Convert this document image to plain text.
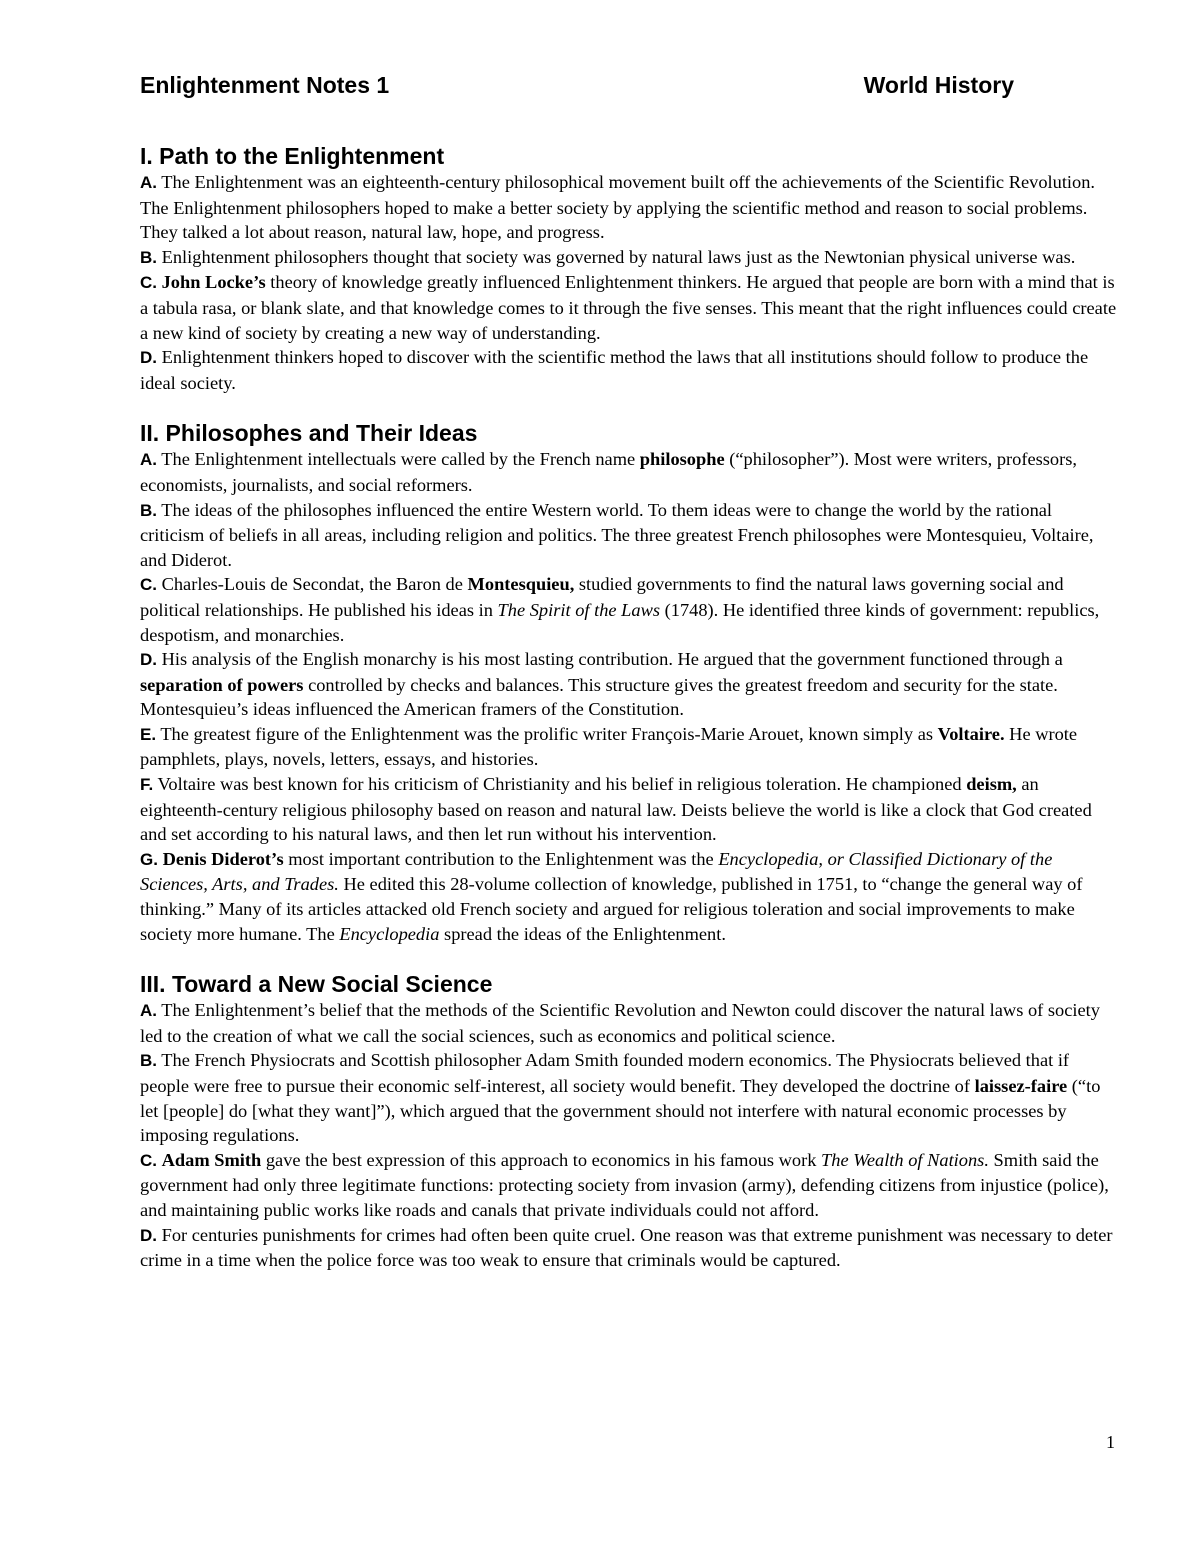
Enlightenment Notes 1	World History
I. Path to the Enlightenment

A. The Enlightenment was an eighteenth-century philosophical movement built off the achievements of the Scientific Revolution. The Enlightenment philosophers hoped to make a better society by applying the scientific method and reason to social problems. They talked a lot about reason, natural law, hope, and progress.

B. Enlightenment philosophers thought that society was governed by natural laws just as the Newtonian physical universe was.

C. John Locke’s theory of knowledge greatly influenced Enlightenment thinkers. He argued that people are born with a mind that is a tabula rasa, or blank slate, and that knowledge comes to it through the five senses. This meant that the right influences could create a new kind of society by creating a new way of understanding.

D. Enlightenment thinkers hoped to discover with the scientific method the laws that all institutions should follow to produce the ideal society.

II. Philosophes and Their Ideas

A. The Enlightenment intellectuals were called by the French name philosophe (“philosopher”). Most were writers, professors, economists, journalists, and social reformers.

B. The ideas of the philosophes influenced the entire Western world. To them ideas were to change the world by the rational criticism of beliefs in all areas, including religion and politics. The three greatest French philosophes were Montesquieu, Voltaire, and Diderot.

C. Charles-Louis de Secondat, the Baron de Montesquieu, studied governments to find the natural laws governing social and political relationships. He published his ideas in The Spirit of the Laws (1748). He identified three kinds of government: republics, despotism, and monarchies.

D. His analysis of the English monarchy is his most lasting contribution. He argued that the government functioned through a separation of powers controlled by checks and balances. This structure gives the greatest freedom and security for the state. Montesquieu’s ideas influenced the American framers of the Constitution.

E. The greatest figure of the Enlightenment was the prolific writer François-Marie Arouet, known simply as Voltaire. He wrote pamphlets, plays, novels, letters, essays, and histories.

F. Voltaire was best known for his criticism of Christianity and his belief in religious toleration. He championed deism, an eighteenth-century religious philosophy based on reason and natural law. Deists believe the world is like a clock that God created and set according to his natural laws, and then let run without his intervention.

G. Denis Diderot’s most important contribution to the Enlightenment was the Encyclopedia, or Classified Dictionary of the Sciences, Arts, and Trades. He edited this 28-volume collection of knowledge, published in 1751, to “change the general way of thinking.” Many of its articles attacked old French society and argued for religious toleration and social improvements to make society more humane. The Encyclopedia spread the ideas of the Enlightenment.

III. Toward a New Social Science

A. The Enlightenment’s belief that the methods of the Scientific Revolution and Newton could discover the natural laws of society led to the creation of what we call the social sciences, such as economics and political science.

B. The French Physiocrats and Scottish philosopher Adam Smith founded modern economics. The Physiocrats believed that if people were free to pursue their economic self-interest, all society would benefit. They developed the doctrine of laissez-faire (“to let [people] do [what they want]”), which argued that the government should not interfere with natural economic processes by imposing regulations.

C. Adam Smith gave the best expression of this approach to economics in his famous work The Wealth of Nations. Smith said the government had only three legitimate functions: protecting society from invasion (army), defending citizens from injustice (police), and maintaining public works like roads and canals that private individuals could not afford.

D. For centuries punishments for crimes had often been quite cruel. One reason was that extreme punishment was necessary to deter crime in a time when the police force was too weak to ensure that criminals would be captured.

1
